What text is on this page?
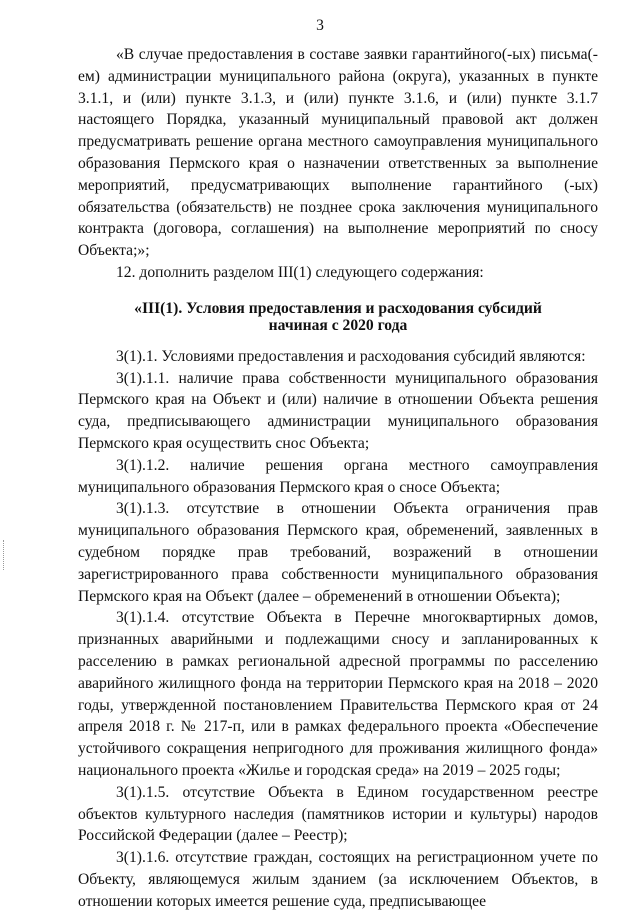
3

«В случае предоставления в составе заявки гарантийного(-ых) письма(-ем) администрации муниципального района (округа), указанных в пункте 3.1.1, и (или) пункте 3.1.3, и (или) пункте 3.1.6, и (или) пункте 3.1.7 настоящего Порядка, указанный муниципальный правовой акт должен предусматривать решение органа местного самоуправления муниципального образования Пермского края о назначении ответственных за выполнение мероприятий, предусматривающих выполнение гарантийного (-ых) обязательства (обязательств) не позднее срока заключения муниципального контракта (договора, соглашения) на выполнение мероприятий по сносу Объекта;»;

12. дополнить разделом III(1) следующего содержания:

«III(1). Условия предоставления и расходования субсидий
начиная с 2020 года

3(1).1. Условиями предоставления и расходования субсидий являются:

3(1).1.1. наличие права собственности муниципального образования Пермского края на Объект и (или) наличие в отношении Объекта решения суда, предписывающего администрации муниципального образования Пермского края осуществить снос Объекта;

3(1).1.2. наличие решения органа местного самоуправления муниципального образования Пермского края о сносе Объекта;

3(1).1.3. отсутствие в отношении Объекта ограничения прав муниципального образования Пермского края, обременений, заявленных в судебном порядке прав требований, возражений в отношении зарегистрированного права собственности муниципального образования Пермского края на Объект (далее – обременений в отношении Объекта);

3(1).1.4. отсутствие Объекта в Перечне многоквартирных домов, признанных аварийными и подлежащими сносу и запланированных к расселению в рамках региональной адресной программы по расселению аварийного жилищного фонда на территории Пермского края на 2018 – 2020 годы, утвержденной постановлением Правительства Пермского края от 24 апреля 2018 г. № 217-п, или в рамках федерального проекта «Обеспечение устойчивого сокращения непригодного для проживания жилищного фонда» национального проекта «Жилье и городская среда» на 2019 – 2025 годы;

3(1).1.5. отсутствие Объекта в Едином государственном реестре объектов культурного наследия (памятников истории и культуры) народов Российской Федерации (далее – Реестр);

3(1).1.6. отсутствие граждан, состоящих на регистрационном учете по Объекту, являющемуся жилым зданием (за исключением Объектов, в отношении которых имеется решение суда, предписывающее
